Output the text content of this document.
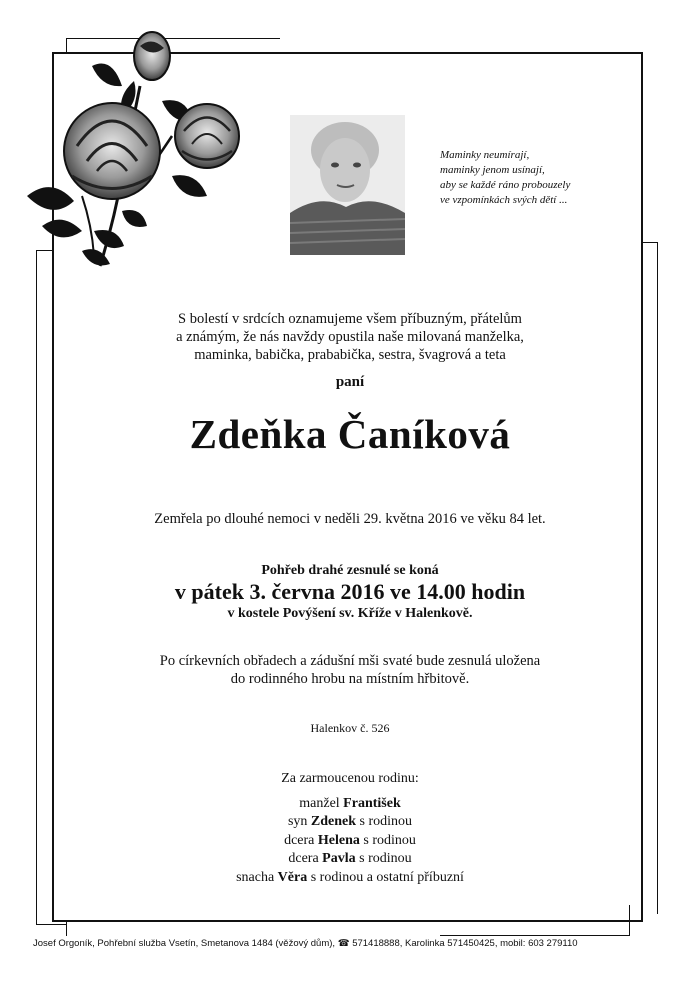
Maminky neumírají,
maminky jenom usínají,
aby se každé ráno probouzely
ve vzpomínkách svých dětí ...
S bolestí v srdcích oznamujeme všem příbuzným, přátelům
a známým, že nás navždy opustila naše milovaná manželka,
maminka, babička, prababička, sestra, švagrová a teta
paní
Zdeňka Čaníková
Zemřela po dlouhé nemoci v neděli 29. května 2016 ve věku 84 let.
Pohřeb drahé zesnulé se koná
v pátek 3. června 2016 ve 14.00 hodin
v kostele Povýšení sv. Kříže v Halenkově.
Po církevních obřadech a zádušní mši svaté bude zesnulá uložena
do rodinného hrobu na místním hřbitově.
Halenkov č. 526
Za zarmoucenou rodinu:
manžel František
syn Zdenek s rodinou
dcera Helena s rodinou
dcera Pavla s rodinou
snacha Věra s rodinou a ostatní příbuzní
Josef Orgoník, Pohřební služba Vsetín, Smetanova 1484 (věžový dům), ☎ 571418888, Karolinka 571450425, mobil: 603 279110
